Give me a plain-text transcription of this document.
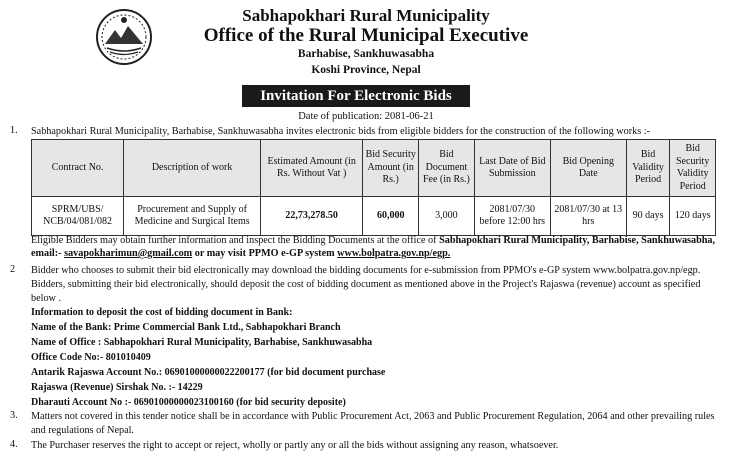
Sabhapokhari Rural Municipality
Office of the Rural Municipal Executive
Barhabise, Sankhuwasabha
Koshi Province, Nepal
Invitation For Electronic Bids
Date of publication: 2081-06-21
1. Sabhapokhari Rural Municipality, Barhabise, Sankhuwasabha invites electronic bids from eligible bidders for the construction of the following works :-
Contract No.	Description of work	Estimated Amount (in Rs. Without Vat )	Bid Security Amount (in Rs.)	Bid Document Fee (in Rs.)	Last Date of Bid Submission	Bid Opening Date	Bid Validity Period	Bid Security Validity Period
SPRM/UBS/ NCB/04/081/082	Procurement and Supply of Medicine and Surgical Items	22,73,278.50	60,000	3,000	2081/07/30 before 12:00 hrs	2081/07/30 at 13 hrs	90 days	120 days
Eligible Bidders may obtain further information and inspect the Bidding Documents at the office of Sabhapokhari Rural Municipality, Barhabise, Sankhuwasabha,
email:- savapokharimun@gmail.com or may visit PPMO e-GP system www.bolpatra.gov.np/egp.
2 Bidder who chooses to submit their bid electronically may download the bidding documents for e-submission from PPMO's e-GP system www.bolpatra.gov.np/egp.
Bidders, submitting their bid electronically, should deposit the cost of bidding document as mentioned above in the Project's Rajaswa (revenue) account as specified
below .
Information to deposit the cost of bidding document in Bank:
Name of the Bank: Prime Commercial Bank Ltd., Sabhapokhari Branch
Name of Office : Sabhapokhari Rural Municipality, Barhabise, Sankhuwasabha
Office Code No:- 801010409
Antarik Rajaswa Account No.: 06901000000022200177 (for bid document purchase
Rajaswa (Revenue) Sirshak No. :- 14229
Dharauti Account No :- 06901000000023100160 (for bid security deposite)
3. Matters not covered in this tender notice shall be in accordance with Public Procurement Act, 2063 and Public Procurement Regulation, 2064 and other prevailing rules
and regulations of Nepal.
4. The Purchaser reserves the right to accept or reject, wholly or partly any or all the bids without assigning any reason, whatsoever.
